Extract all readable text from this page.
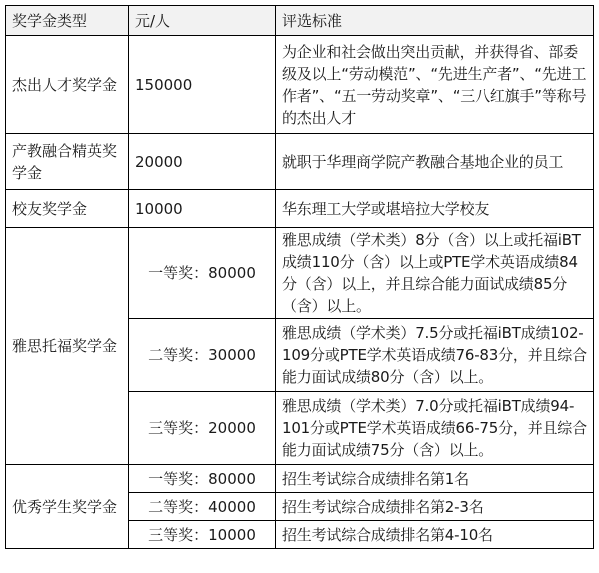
奖学金类型	元/人	评选标准
杰出人才奖学金	150000	为企业和社会做出突出贡献，并获得省、部委级及以上“劳动模范”、“先进生产者”、“先进工作者”、“五一劳动奖章”、“三八红旗手”等称号的杰出人才
产教融合精英奖学金	20000	就职于华理商学院产教融合基地企业的员工
校友奖学金	10000	华东理工大学或堪培拉大学校友
雅思托福奖学金	一等奖：80000	雅思成绩（学术类）8分（含）以上或托福iBT成绩110分（含）以上或PTE学术英语成绩84分（含）以上，并且综合能力面试成绩85分（含）以上。
	二等奖：30000	雅思成绩（学术类）7.5分或托福iBT成绩102-109分或PTE学术英语成绩76-83分，并且综合能力面试成绩80分（含）以上。
	三等奖：20000	雅思成绩（学术类）7.0分或托福iBT成绩94-101分或PTE学术英语成绩66-75分，并且综合能力面试成绩75分（含）以上。
优秀学生奖学金	一等奖：80000	招生考试综合成绩排名第1名
	二等奖：40000	招生考试综合成绩排名第2-3名
	三等奖：10000	招生考试综合成绩排名第4-10名
